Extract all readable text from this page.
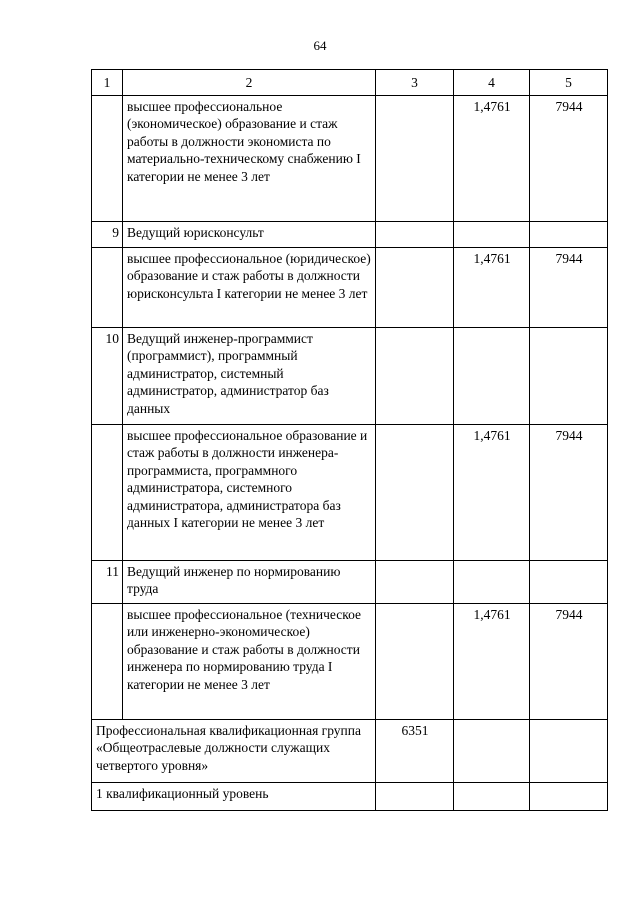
64
1	2	3	4	5
	высшее профессиональное (экономическое) образование и стаж работы в должности экономиста по материально-техническому снабжению I категории не менее 3 лет		1,4761	7944
9	Ведущий юрисконсульт			
	высшее профессиональное (юридическое) образование и стаж работы в должности юрисконсульта I категории не менее 3 лет		1,4761	7944
10	Ведущий инженер-программист (программист), программный администратор, системный администратор, администратор баз данных			
	высшее профессиональное образование и стаж работы в должности инженера-программиста, программного администратора, системного администратора, администратора баз данных I категории не менее 3 лет		1,4761	7944
11	Ведущий инженер по нормированию труда			
	высшее профессиональное (техническое или инженерно-экономическое) образование и стаж работы в должности инженера по нормированию труда I категории не менее 3 лет		1,4761	7944
Профессиональная квалификационная группа «Общеотраслевые должности служащих четвертого уровня»		6351		
1 квалификационный уровень				
